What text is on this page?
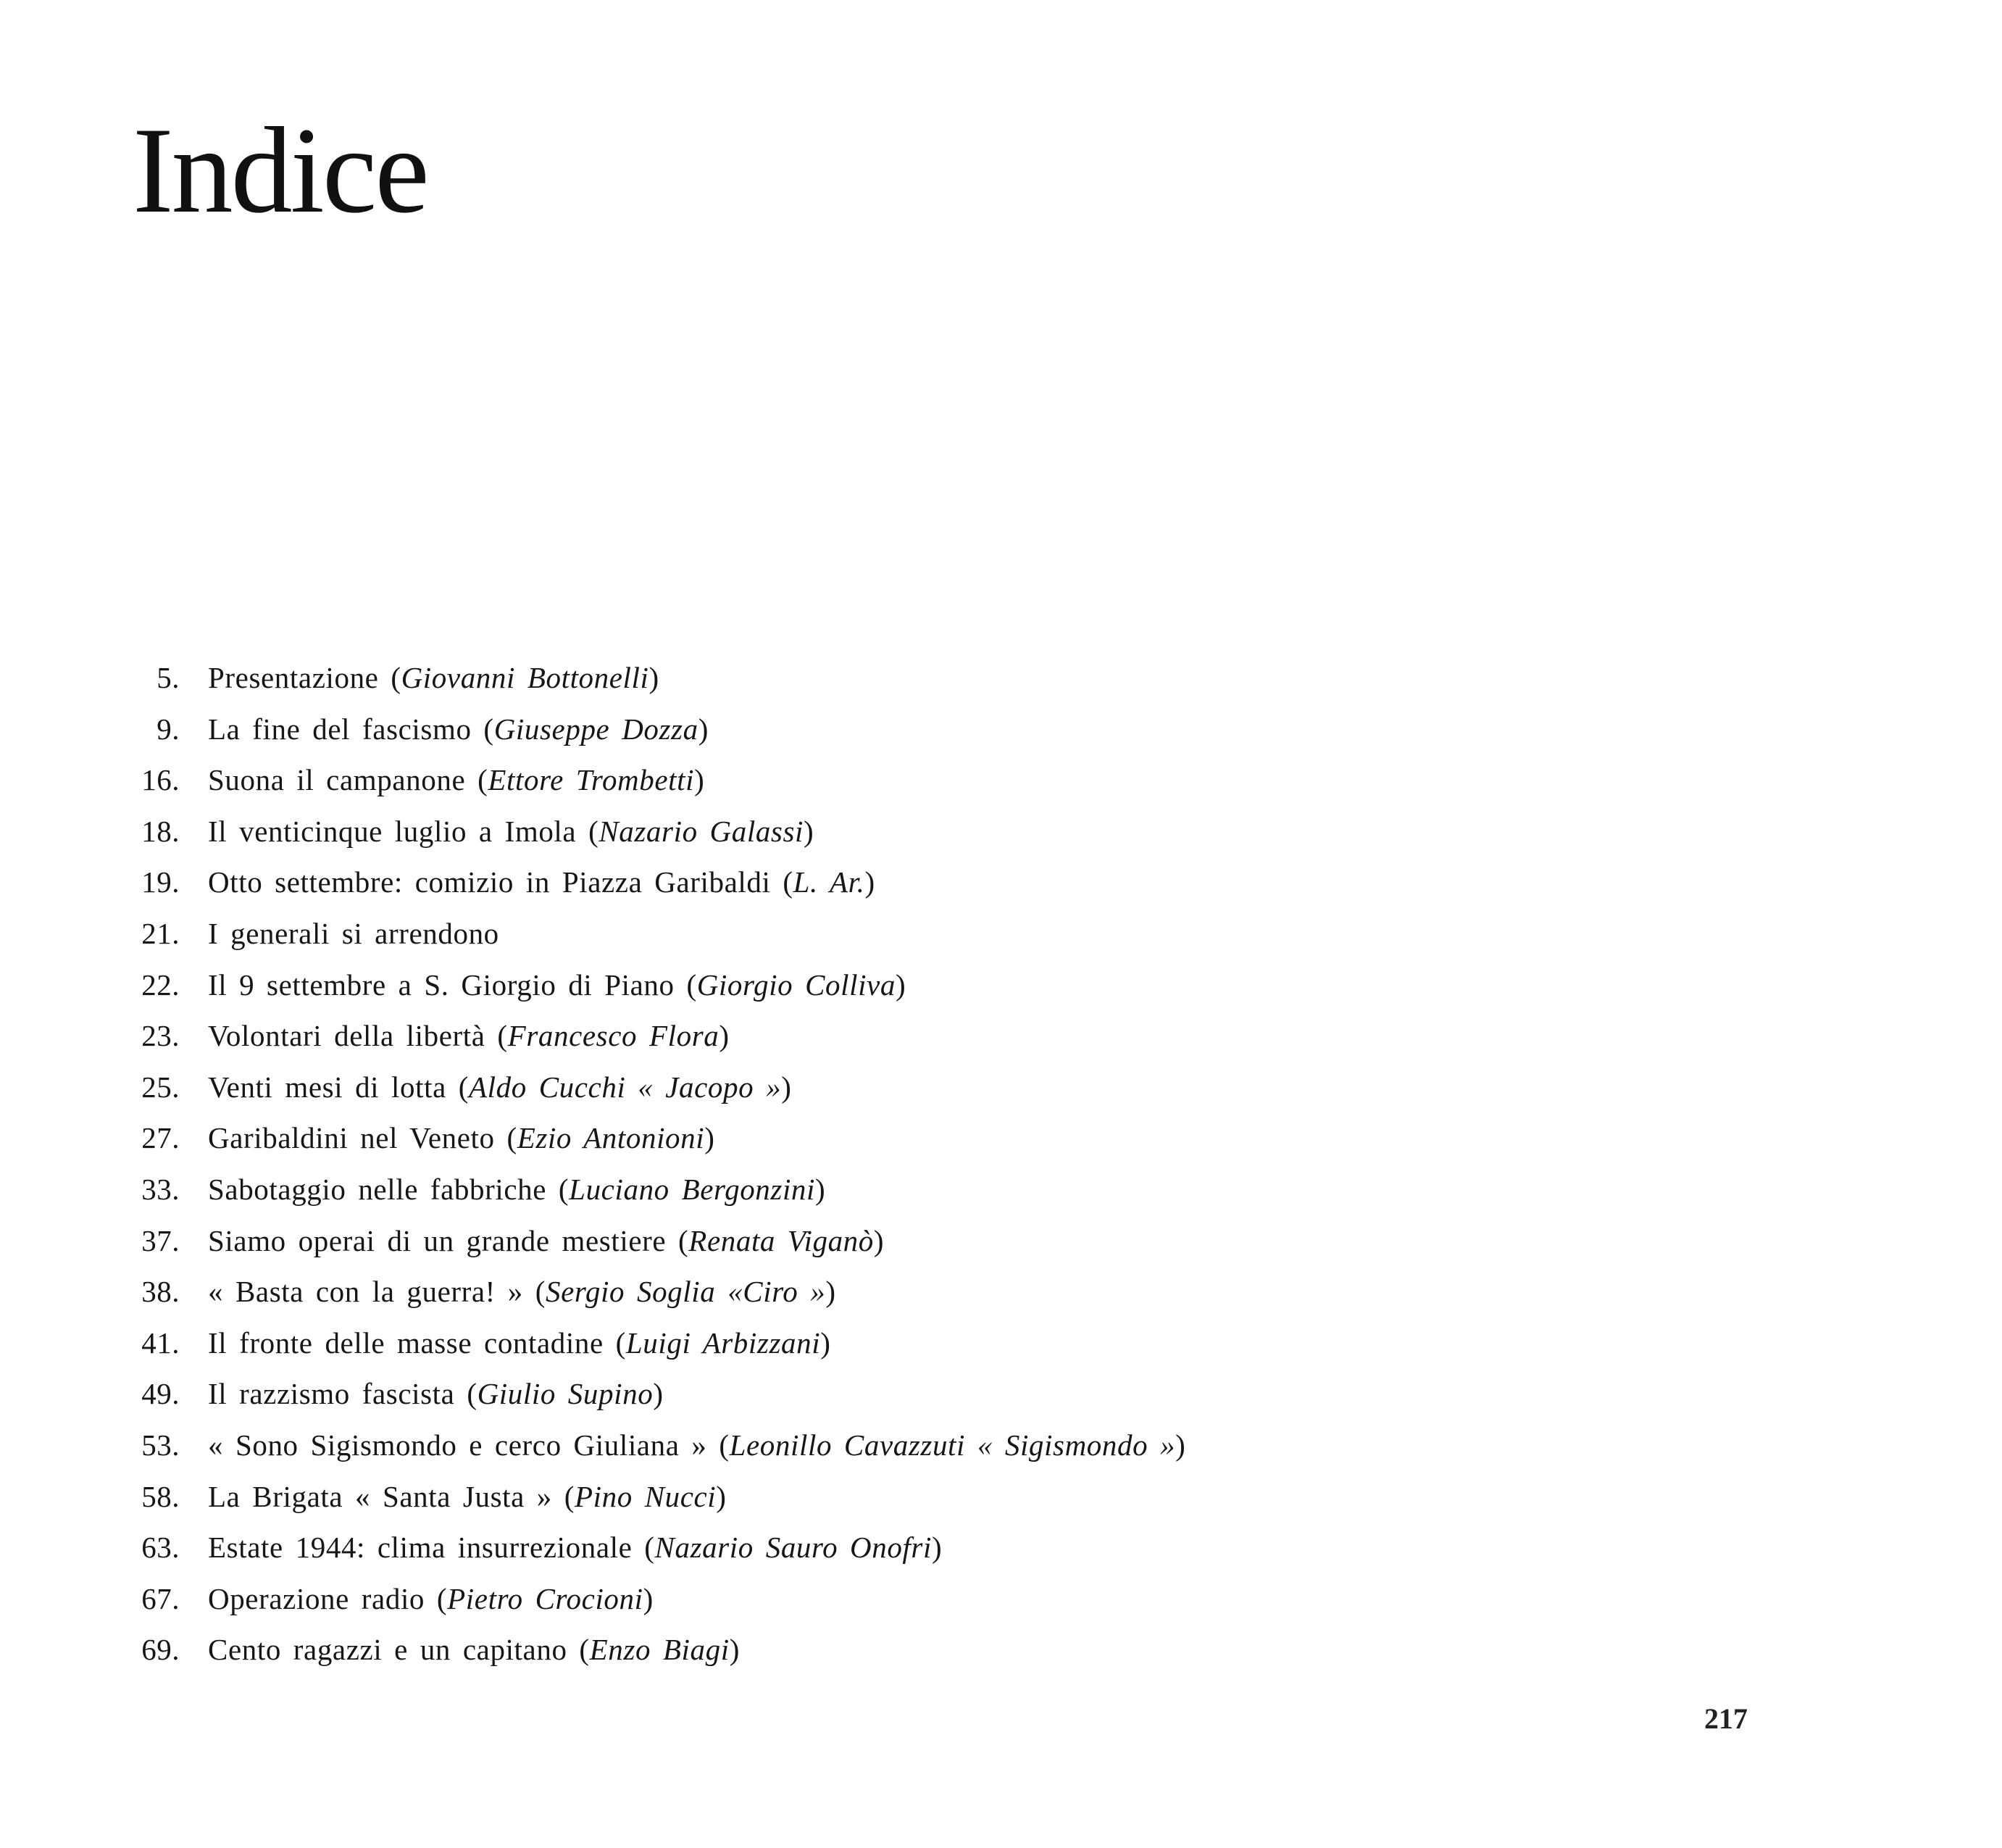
Indice
5. Presentazione (Giovanni Bottonelli)
9. La fine del fascismo (Giuseppe Dozza)
16. Suona il campanone (Ettore Trombetti)
18. Il venticinque luglio a Imola (Nazario Galassi)
19. Otto settembre: comizio in Piazza Garibaldi (L. Ar.)
21. I generali si arrendono
22. Il 9 settembre a S. Giorgio di Piano (Giorgio Colliva)
23. Volontari della libertà (Francesco Flora)
25. Venti mesi di lotta (Aldo Cucchi « Jacopo »)
27. Garibaldini nel Veneto (Ezio Antonioni)
33. Sabotaggio nelle fabbriche (Luciano Bergonzini)
37. Siamo operai di un grande mestiere (Renata Viganò)
38. « Basta con la guerra! » (Sergio Soglia «Ciro »)
41. Il fronte delle masse contadine (Luigi Arbizzani)
49. Il razzismo fascista (Giulio Supino)
53. « Sono Sigismondo e cerco Giuliana » (Leonillo Cavazzuti « Sigismondo »)
58. La Brigata « Santa Justa » (Pino Nucci)
63. Estate 1944: clima insurrezionale (Nazario Sauro Onofri)
67. Operazione radio (Pietro Crocioni)
69. Cento ragazzi e un capitano (Enzo Biagi)
217
